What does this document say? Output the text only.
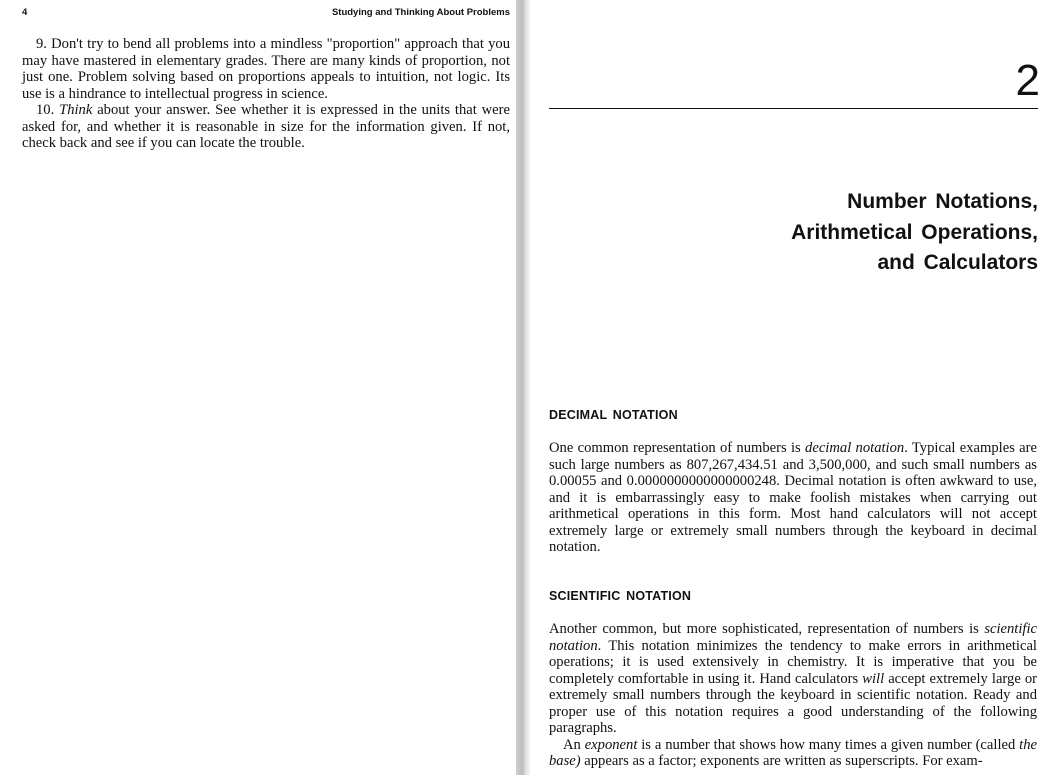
4	Studying and Thinking About Problems

9. Don't try to bend all problems into a mindless "proportion" approach that you may have mastered in elementary grades. There are many kinds of proportion, not just one. Problem solving based on proportions appeals to intuition, not logic. Its use is a hindrance to intellectual progress in science.

10. Think about your answer. See whether it is expressed in the units that were asked for, and whether it is reasonable in size for the information given. If not, check back and see if you can locate the trouble.

2
Number Notations,
Arithmetical Operations,
and Calculators
DECIMAL NOTATION

One common representation of numbers is decimal notation. Typical examples are such large numbers as 807,267,434.51 and 3,500,000, and such small numbers as 0.00055 and 0.0000000000000000248. Decimal notation is often awkward to use, and it is embarrassingly easy to make foolish mistakes when carrying out arithmetical operations in this form. Most hand calculators will not accept extremely large or extremely small numbers through the keyboard in decimal notation.

SCIENTIFIC NOTATION

Another common, but more sophisticated, representation of numbers is scientific notation. This notation minimizes the tendency to make errors in arithmetical operations; it is used extensively in chemistry. It is imperative that you be completely comfortable in using it. Hand calculators will accept extremely large or extremely small numbers through the keyboard in scientific notation. Ready and proper use of this notation requires a good understanding of the following paragraphs.

An exponent is a number that shows how many times a given number (called the base) appears as a factor; exponents are written as superscripts. For exam-
